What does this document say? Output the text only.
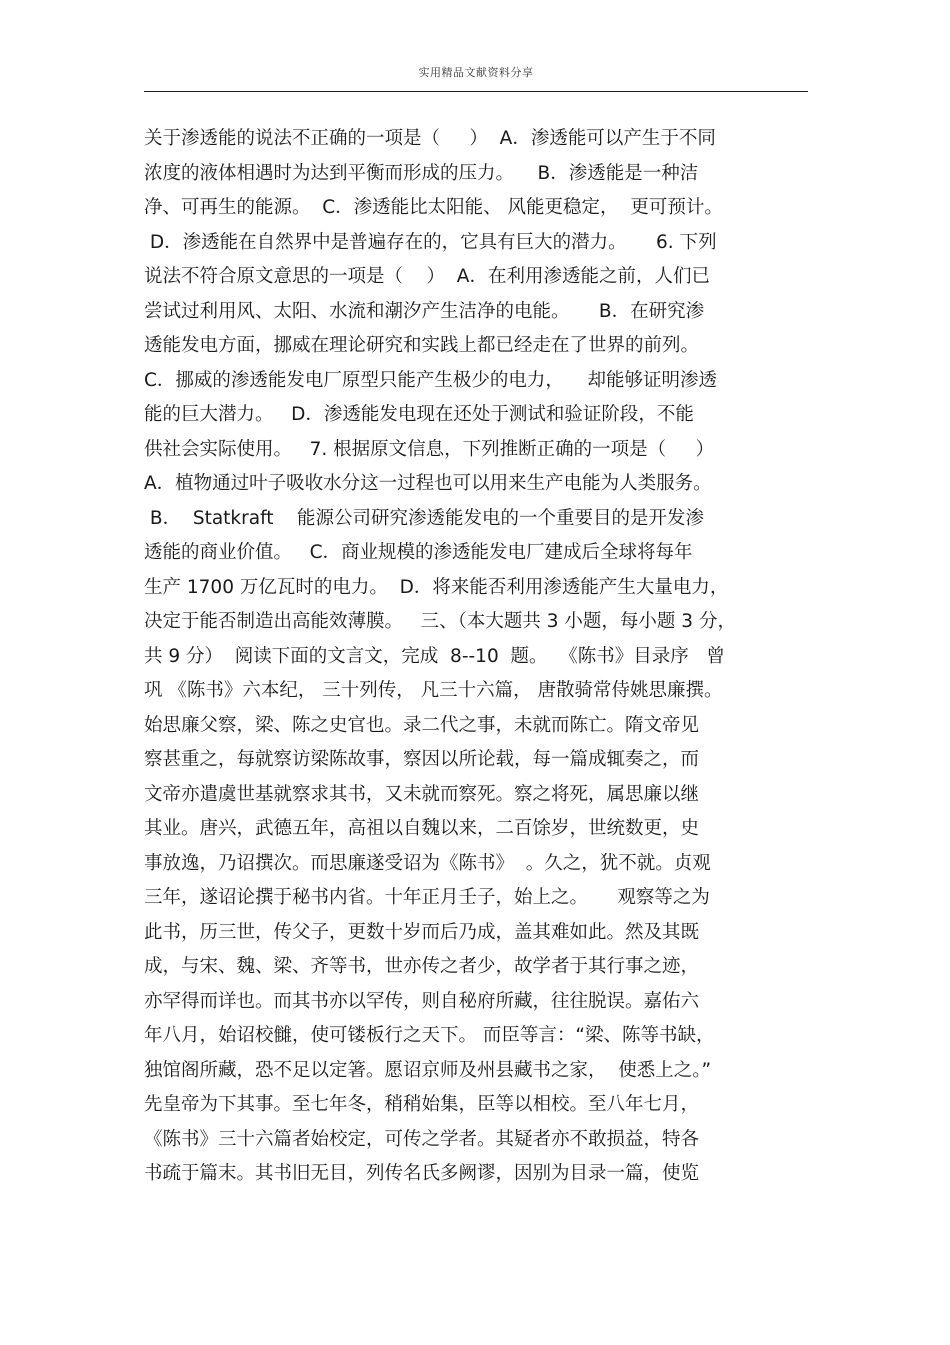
实用精品文献资料分享
关于渗透能的说法不正确的一项是（     ）  A．渗透能可以产生于不同
浓度的液体相遇时为达到平衡而形成的压力。    B．渗透能是一种洁
净、可再生的能源。  C．渗透能比太阳能、 风能更稳定，  更可预计。
D．渗透能在自然界中是普遍存在的，它具有巨大的潜力。     6. 下列
说法不符合原文意思的一项是（    ）  A．在利用渗透能之前，人们已
尝试过利用风、太阳、水流和潮汐产生洁净的电能。     B．在研究渗
透能发电方面，挪威在理论研究和实践上都已经走在了世界的前列。
C．挪威的渗透能发电厂原型只能产生极少的电力，    却能够证明渗透
能的巨大潜力。   D．渗透能发电现在还处于测试和验证阶段，不能
供社会实际使用。   7. 根据原文信息，下列推断正确的一项是（     ）
A．植物通过叶子吸收水分这一过程也可以用来生产电能为人类服务。
B．  Statkraft    能源公司研究渗透能发电的一个重要目的是开发渗
透能的商业价值。   C．商业规模的渗透能发电厂建成后全球将每年
生产 1700 万亿瓦时的电力。  D．将来能否利用渗透能产生大量电力，
决定于能否制造出高能效薄膜。   三、（本大题共 3 小题，每小题 3 分，
共 9 分）  阅读下面的文言文，完成  8--10  题。  《陈书》目录序   曾
巩 《陈书》六本纪， 三十列传， 凡三十六篇， 唐散骑常侍姚思廉撰。
始思廉父察，梁、陈之史官也。录二代之事，未就而陈亡。隋文帝见
察甚重之，每就察访梁陈故事，察因以所论载，每一篇成辄奏之，而
文帝亦遣虞世基就察求其书，又未就而察死。察之将死，属思廉以继
其业。唐兴，武德五年，高祖以自魏以来，二百馀岁，世统数更，史
事放逸，乃诏撰次。而思廉遂受诏为《陈书》  。久之，犹不就。贞观
三年，遂诏论撰于秘书内省。十年正月壬子，始上之。     观察等之为
此书，历三世，传父子，更数十岁而后乃成，盖其难如此。然及其既
成，与宋、魏、梁、齐等书，世亦传之者少，故学者于其行事之迹，
亦罕得而详也。而其书亦以罕传，则自秘府所藏，往往脱误。嘉佑六
年八月，始诏校雠，使可镂板行之天下。 而臣等言：“梁、陈等书缺，
独馆阁所藏，恐不足以定箸。愿诏京师及州县藏书之家，  使悉上之。”
先皇帝为下其事。至七年冬，稍稍始集，臣等以相校。至八年七月，
《陈书》三十六篇者始校定，可传之学者。其疑者亦不敢损益，特各
书疏于篇末。其书旧无目，列传名氏多阙谬，因别为目录一篇，使览
